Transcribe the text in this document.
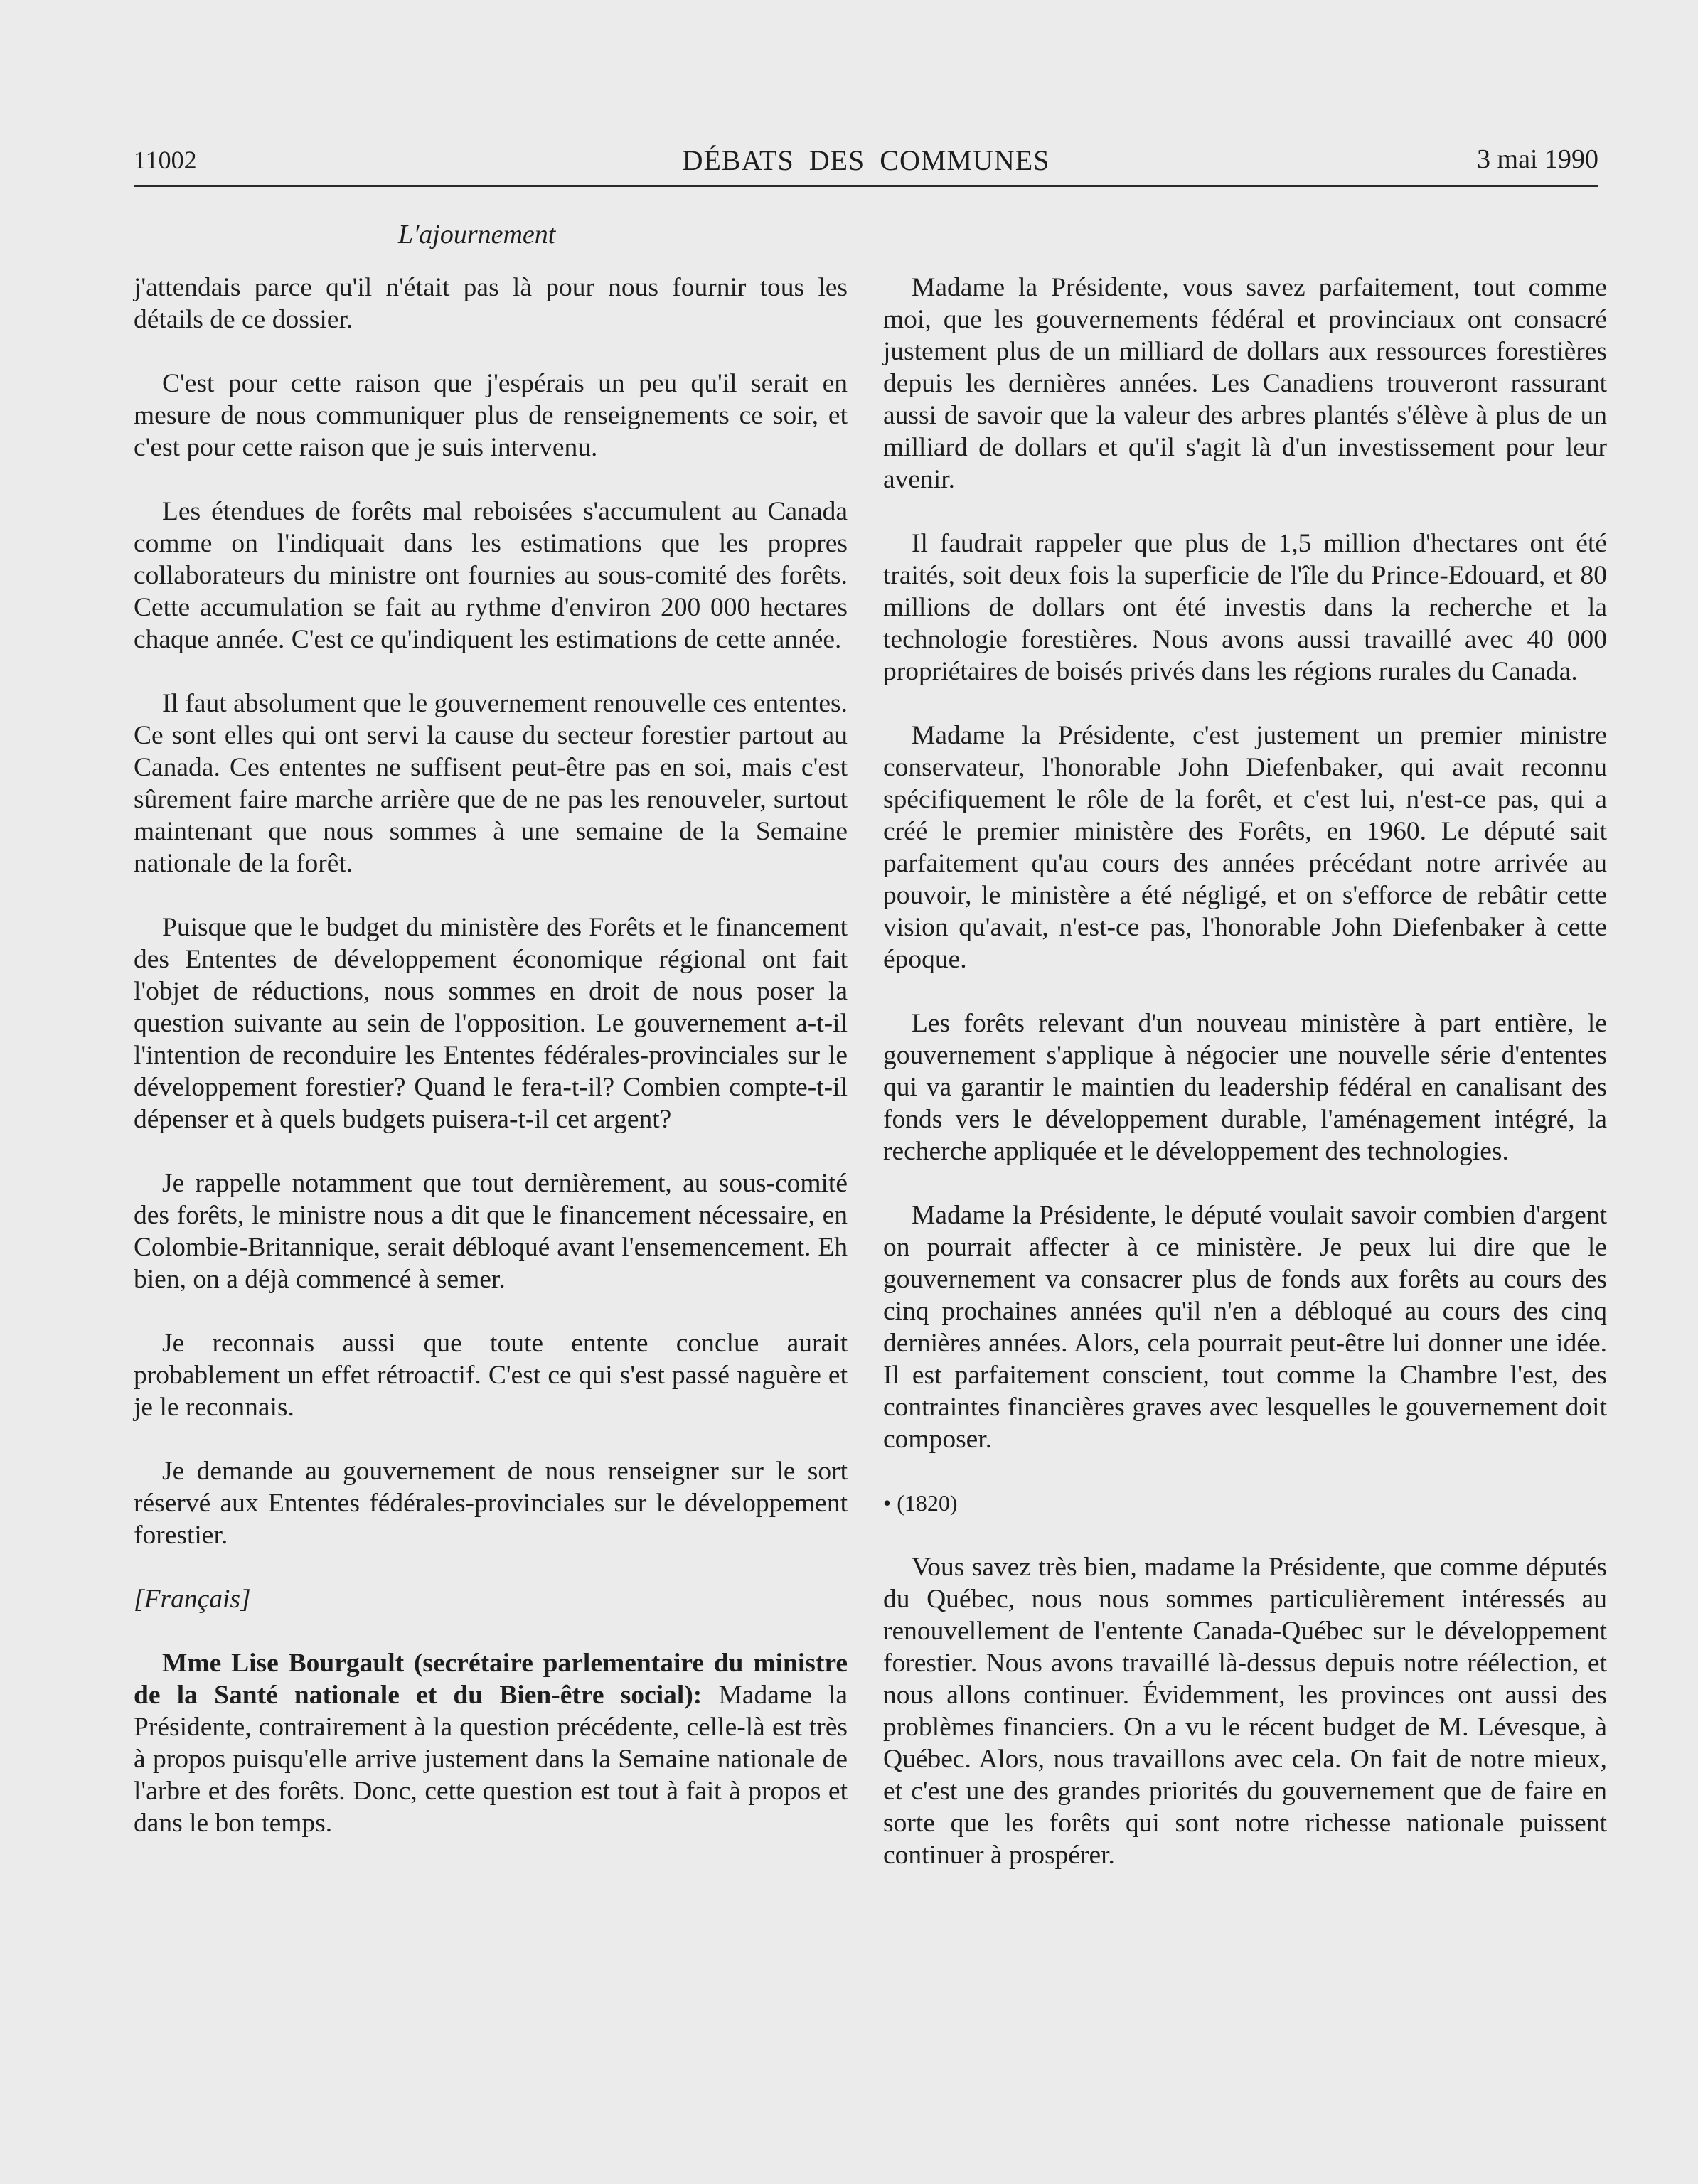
11002	DÉBATS DES COMMUNES	3 mai 1990
L'ajournement

j'attendais parce qu'il n'était pas là pour nous fournir tous les détails de ce dossier.

C'est pour cette raison que j'espérais un peu qu'il serait en mesure de nous communiquer plus de renseignements ce soir, et c'est pour cette raison que je suis intervenu.

Les étendues de forêts mal reboisées s'accumulent au Canada comme on l'indiquait dans les estimations que les propres collaborateurs du ministre ont fournies au sous-comité des forêts. Cette accumulation se fait au rythme d'environ 200 000 hectares chaque année. C'est ce qu'indiquent les estimations de cette année.

Il faut absolument que le gouvernement renouvelle ces ententes. Ce sont elles qui ont servi la cause du secteur forestier partout au Canada. Ces ententes ne suffisent peut-être pas en soi, mais c'est sûrement faire marche arrière que de ne pas les renouveler, surtout maintenant que nous sommes à une semaine de la Semaine nationale de la forêt.

Puisque que le budget du ministère des Forêts et le financement des Ententes de développement économique régional ont fait l'objet de réductions, nous sommes en droit de nous poser la question suivante au sein de l'opposition. Le gouvernement a-t-il l'intention de reconduire les Ententes fédérales-provinciales sur le développement forestier? Quand le fera-t-il? Combien compte-t-il dépenser et à quels budgets puisera-t-il cet argent?

Je rappelle notamment que tout dernièrement, au sous-comité des forêts, le ministre nous a dit que le financement nécessaire, en Colombie-Britannique, serait débloqué avant l'ensemencement. Eh bien, on a déjà commencé à semer.

Je reconnais aussi que toute entente conclue aurait probablement un effet rétroactif. C'est ce qui s'est passé naguère et je le reconnais.

Je demande au gouvernement de nous renseigner sur le sort réservé aux Ententes fédérales-provinciales sur le développement forestier.

[Français]

Mme Lise Bourgault (secrétaire parlementaire du ministre de la Santé nationale et du Bien-être social): Madame la Présidente, contrairement à la question précédente, celle-là est très à propos puisqu'elle arrive justement dans la Semaine nationale de l'arbre et des forêts. Donc, cette question est tout à fait à propos et dans le bon temps.

Madame la Présidente, vous savez parfaitement, tout comme moi, que les gouvernements fédéral et provinciaux ont consacré justement plus de un milliard de dollars aux ressources forestières depuis les dernières années. Les Canadiens trouveront rassurant aussi de savoir que la valeur des arbres plantés s'élève à plus de un milliard de dollars et qu'il s'agit là d'un investissement pour leur avenir.

Il faudrait rappeler que plus de 1,5 million d'hectares ont été traités, soit deux fois la superficie de l'île du Prince-Edouard, et 80 millions de dollars ont été investis dans la recherche et la technologie forestières. Nous avons aussi travaillé avec 40 000 propriétaires de boisés privés dans les régions rurales du Canada.

Madame la Présidente, c'est justement un premier ministre conservateur, l'honorable John Diefenbaker, qui avait reconnu spécifiquement le rôle de la forêt, et c'est lui, n'est-ce pas, qui a créé le premier ministère des Forêts, en 1960. Le député sait parfaitement qu'au cours des années précédant notre arrivée au pouvoir, le ministère a été négligé, et on s'efforce de rebâtir cette vision qu'avait, n'est-ce pas, l'honorable John Diefenbaker à cette époque.

Les forêts relevant d'un nouveau ministère à part entière, le gouvernement s'applique à négocier une nouvelle série d'ententes qui va garantir le maintien du leadership fédéral en canalisant des fonds vers le développement durable, l'aménagement intégré, la recherche appliquée et le développement des technologies.

Madame la Présidente, le député voulait savoir combien d'argent on pourrait affecter à ce ministère. Je peux lui dire que le gouvernement va consacrer plus de fonds aux forêts au cours des cinq prochaines années qu'il n'en a débloqué au cours des cinq dernières années. Alors, cela pourrait peut-être lui donner une idée. Il est parfaitement conscient, tout comme la Chambre l'est, des contraintes financières graves avec lesquelles le gouvernement doit composer.

• (1820)

Vous savez très bien, madame la Présidente, que comme députés du Québec, nous nous sommes particulièrement intéressés au renouvellement de l'entente Canada-Québec sur le développement forestier. Nous avons travaillé là-dessus depuis notre réélection, et nous allons continuer. Évidemment, les provinces ont aussi des problèmes financiers. On a vu le récent budget de M. Lévesque, à Québec. Alors, nous travaillons avec cela. On fait de notre mieux, et c'est une des grandes priorités du gouvernement que de faire en sorte que les forêts qui sont notre richesse nationale puissent continuer à prospérer.
